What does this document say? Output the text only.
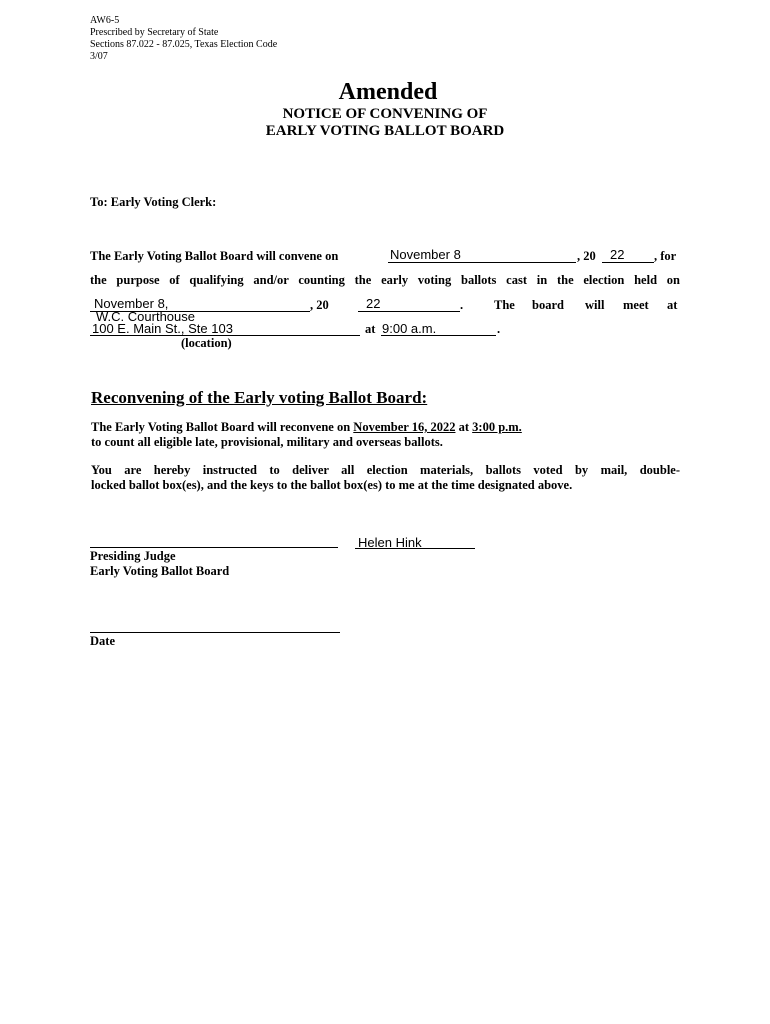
AW6-5
Prescribed by Secretary of State
Sections 87.022 - 87.025, Texas Election Code
3/07
Amended
NOTICE OF CONVENING OF
EARLY VOTING BALLOT BOARD
To: Early Voting Clerk:
The Early Voting Ballot Board will convene on	November 8	, 20 22 , for
the purpose of qualifying and/or counting the early voting ballots cast in the election held on
November 8,	, 20	22	. The board will meet at
W.C. Courthouse
100 E. Main St., Ste 103	at 9:00 a.m.	.
(location)
Reconvening of the Early voting Ballot Board:
The Early Voting Ballot Board will reconvene on November 16, 2022 at 3:00 p.m.
to count all eligible late, provisional, military and overseas ballots.
You are hereby instructed to deliver all election materials, ballots voted by mail, double-
locked ballot box(es), and the keys to the ballot box(es) to me at the time designated above.
Helen Hink
Presiding Judge
Early Voting Ballot Board
Date
